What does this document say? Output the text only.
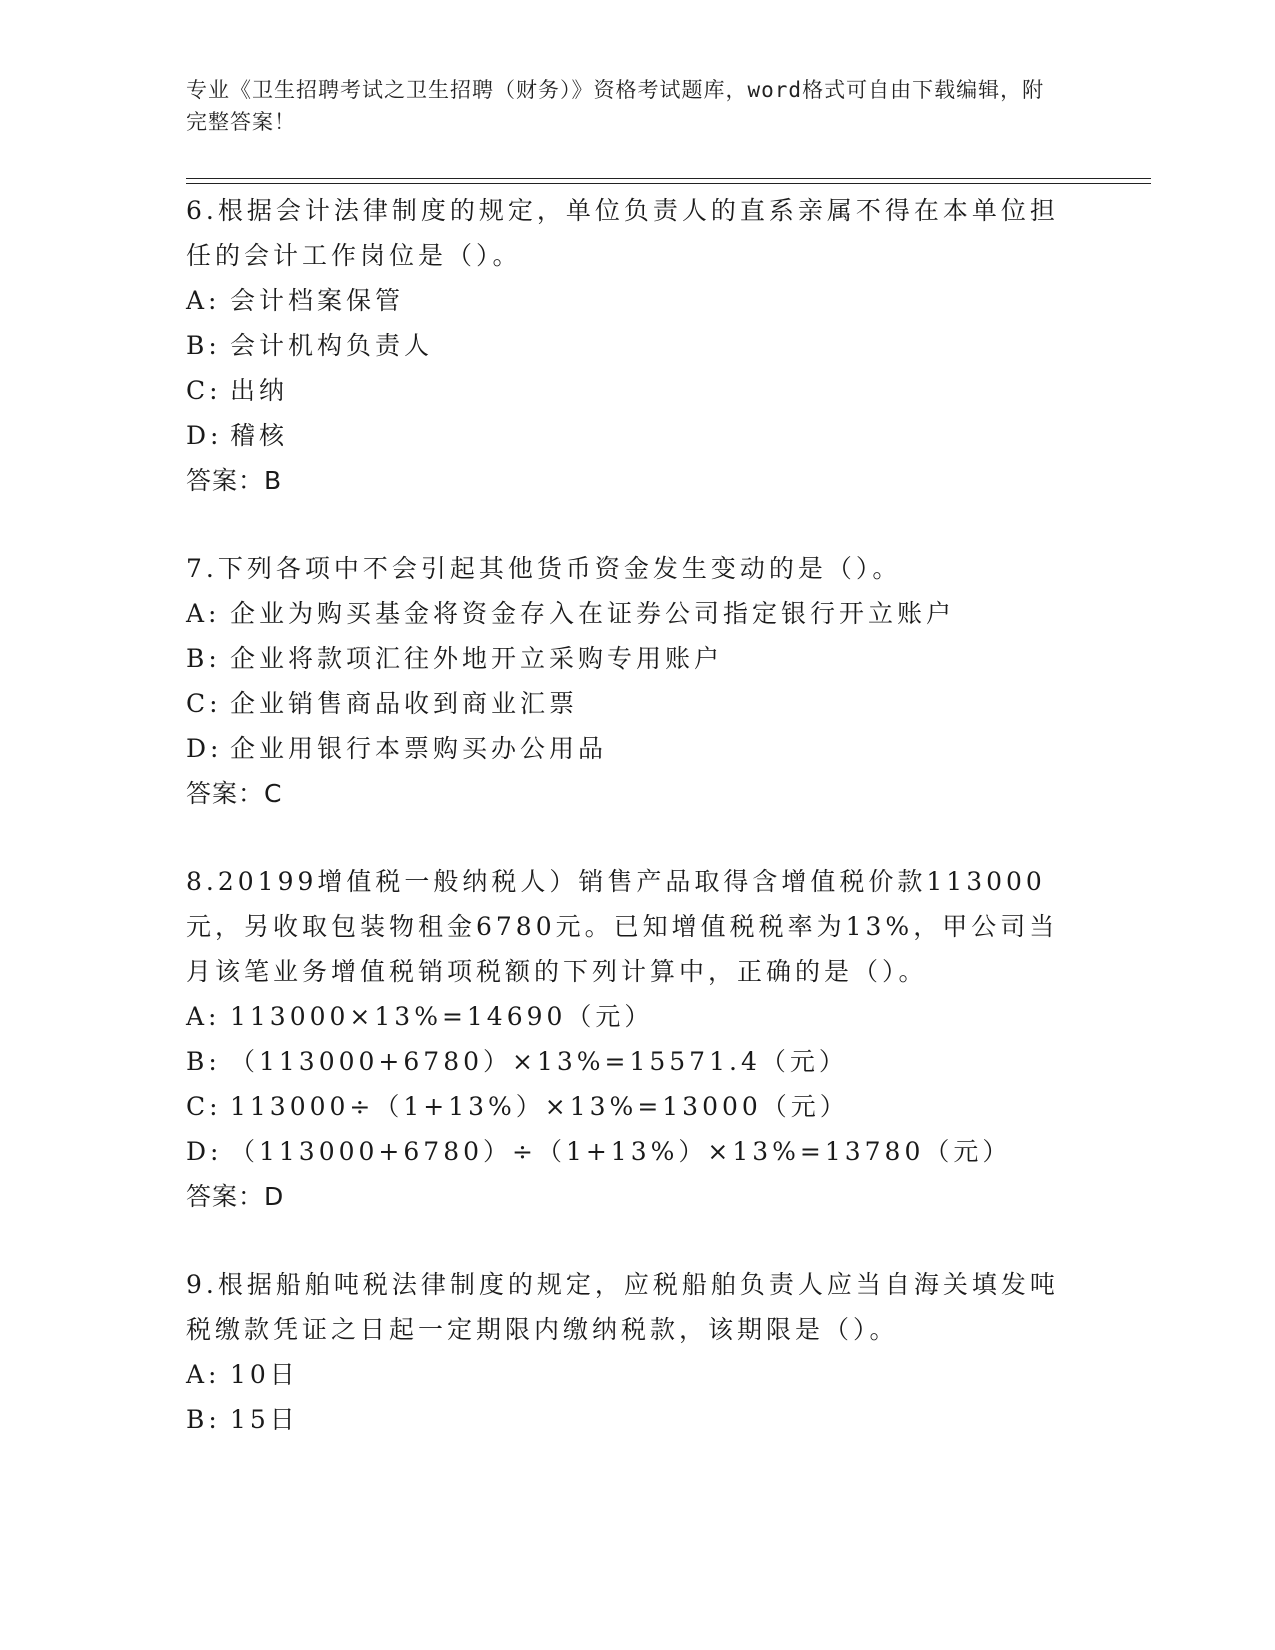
专业《卫生招聘考试之卫生招聘（财务）》资格考试题库，word格式可自由下载编辑，附完整答案！

6.根据会计法律制度的规定，单位负责人的直系亲属不得在本单位担任的会计工作岗位是（）。

A: 会计档案保管

B: 会计机构负责人

C: 出纳

D: 稽核

答案：B

7.下列各项中不会引起其他货币资金发生变动的是（）。

A: 企业为购买基金将资金存入在证券公司指定银行开立账户

B: 企业将款项汇往外地开立采购专用账户

C: 企业销售商品收到商业汇票

D: 企业用银行本票购买办公用品

答案：C

8.20199增值税一般纳税人）销售产品取得含增值税价款113000元，另收取包装物租金6780元。已知增值税税率为13%，甲公司当月该笔业务增值税销项税额的下列计算中，正确的是（）。

A: 113000×13%=14690（元）

B: （113000+6780）×13%=15571.4（元）

C: 113000÷（1+13%）×13%=13000（元）

D: （113000+6780）÷（1+13%）×13%=13780（元）

答案：D

9.根据船舶吨税法律制度的规定，应税船舶负责人应当自海关填发吨税缴款凭证之日起一定期限内缴纳税款，该期限是（）。

A: 10日

B: 15日
